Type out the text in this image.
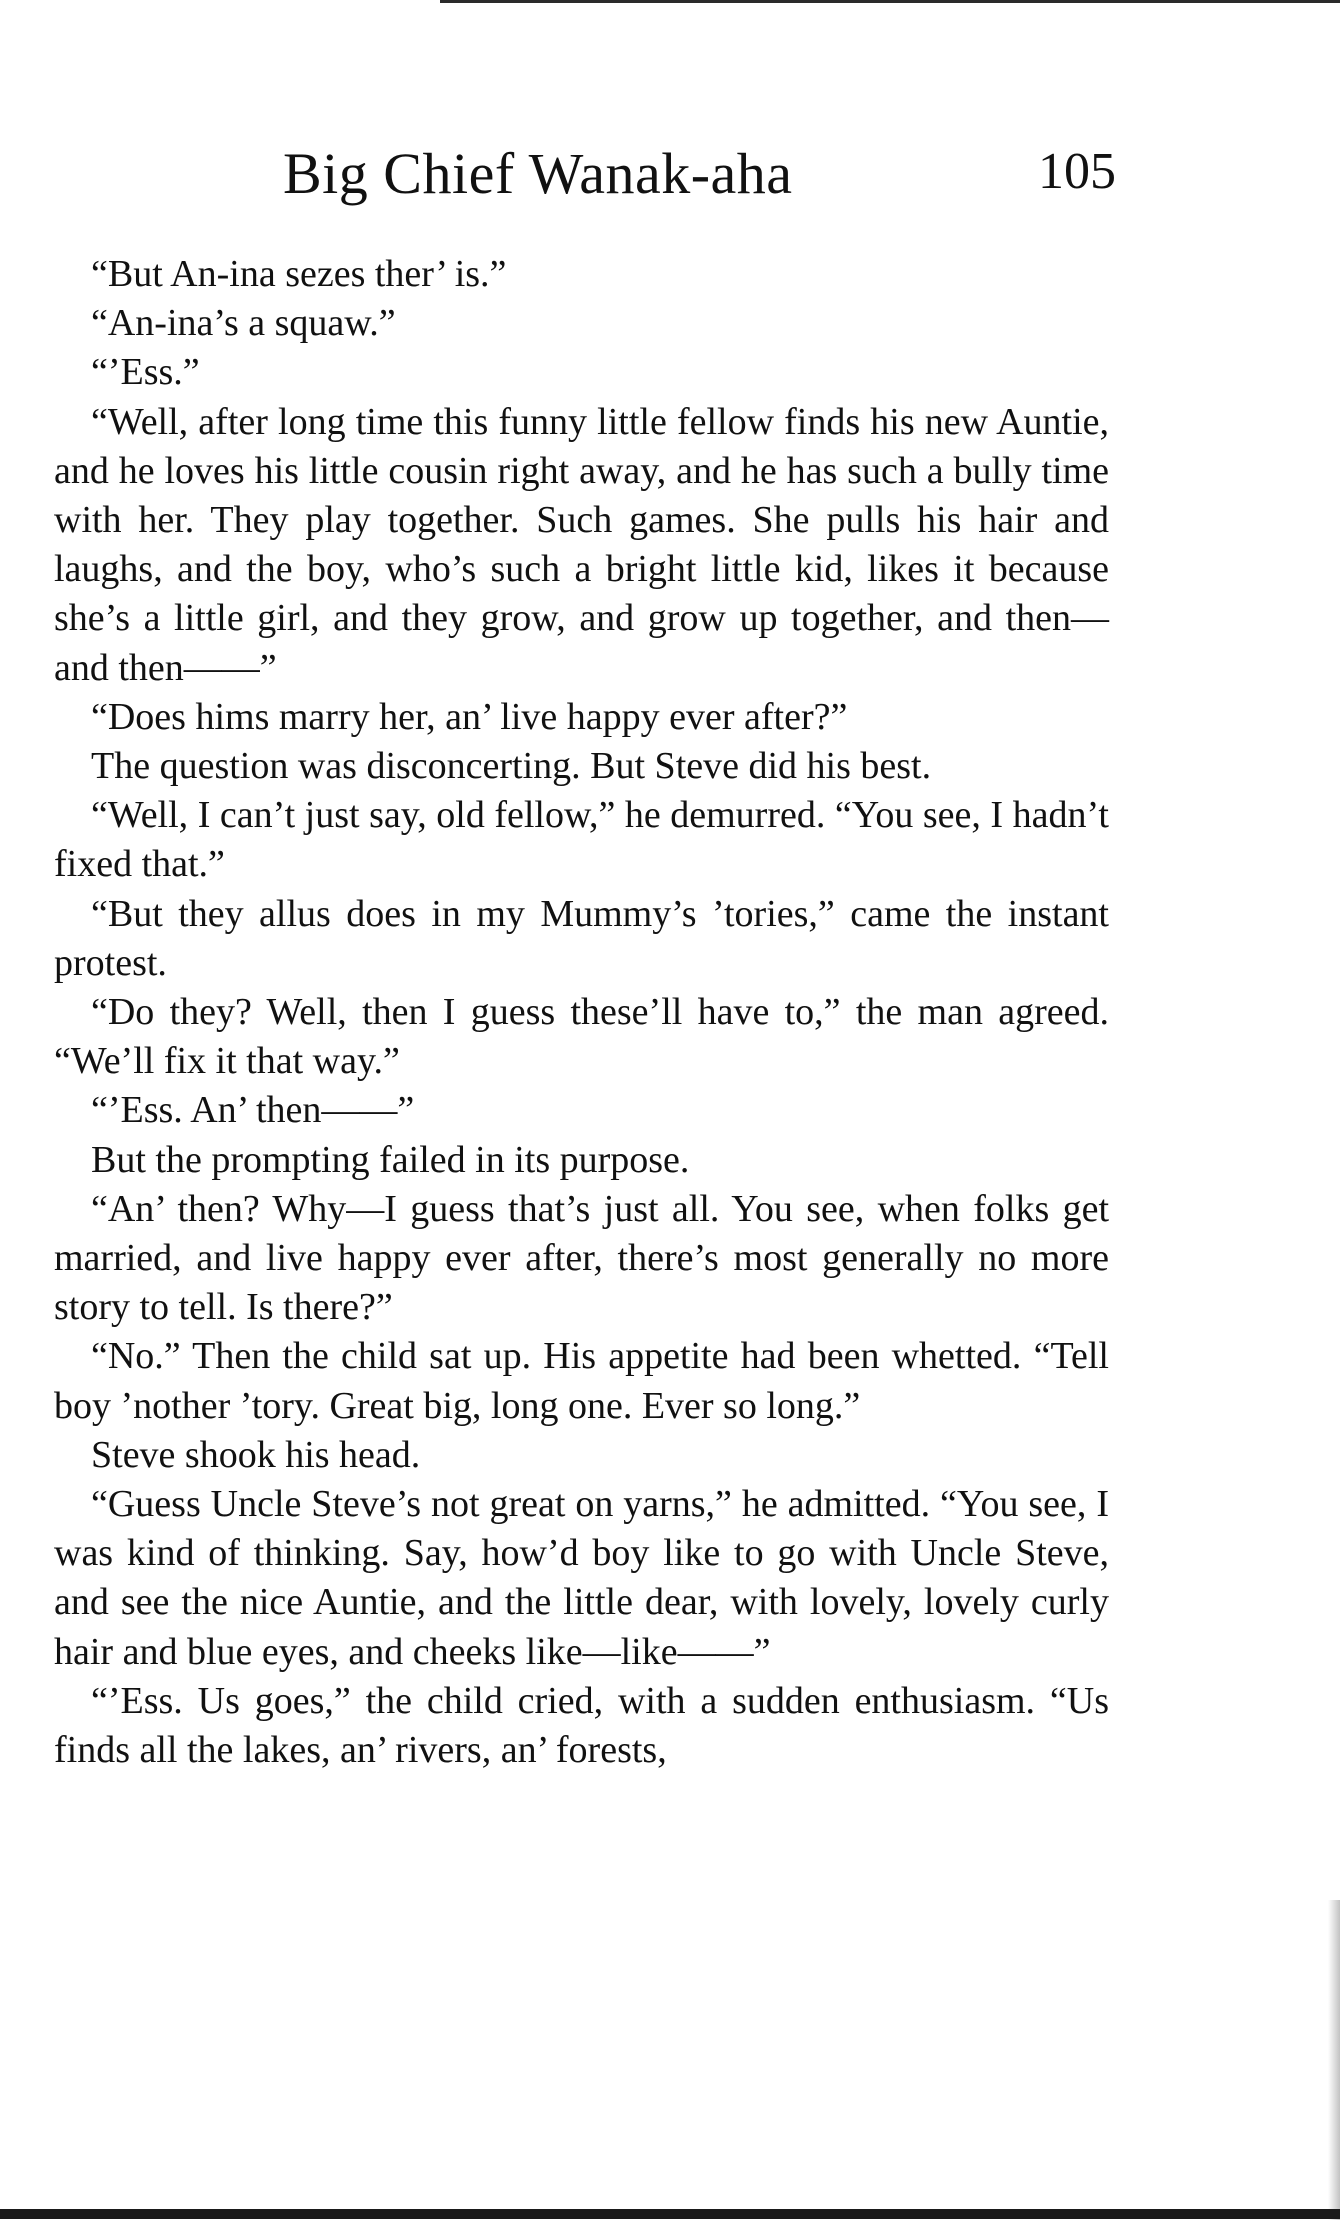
Big Chief Wanak-aha	105

“But An-ina sezes ther’ is.”

“An-ina’s a squaw.”

“’Ess.”

“Well, after long time this funny little fellow finds his new Auntie, and he loves his little cousin right away, and he has such a bully time with her. They play together. Such games. She pulls his hair and laughs, and the boy, who’s such a bright little kid, likes it because she’s a little girl, and they grow, and grow up together, and then—and then——”

“Does hims marry her, an’ live happy ever after?”

The question was disconcerting. But Steve did his best.

“Well, I can’t just say, old fellow,” he demurred. “You see, I hadn’t fixed that.”

“But they allus does in my Mummy’s ’tories,” came the instant protest.

“Do they? Well, then I guess these’ll have to,” the man agreed. “We’ll fix it that way.”

“’Ess. An’ then——”

But the prompting failed in its purpose.

“An’ then? Why—I guess that’s just all. You see, when folks get married, and live happy ever after, there’s most generally no more story to tell. Is there?”

“No.” Then the child sat up. His appetite had been whetted. “Tell boy ’nother ’tory. Great big, long one. Ever so long.”

Steve shook his head.

“Guess Uncle Steve’s not great on yarns,” he admitted. “You see, I was kind of thinking. Say, how’d boy like to go with Uncle Steve, and see the nice Auntie, and the little dear, with lovely, lovely curly hair and blue eyes, and cheeks like—like——”

“’Ess. Us goes,” the child cried, with a sudden enthusiasm. “Us finds all the lakes, an’ rivers, an’ forests,
